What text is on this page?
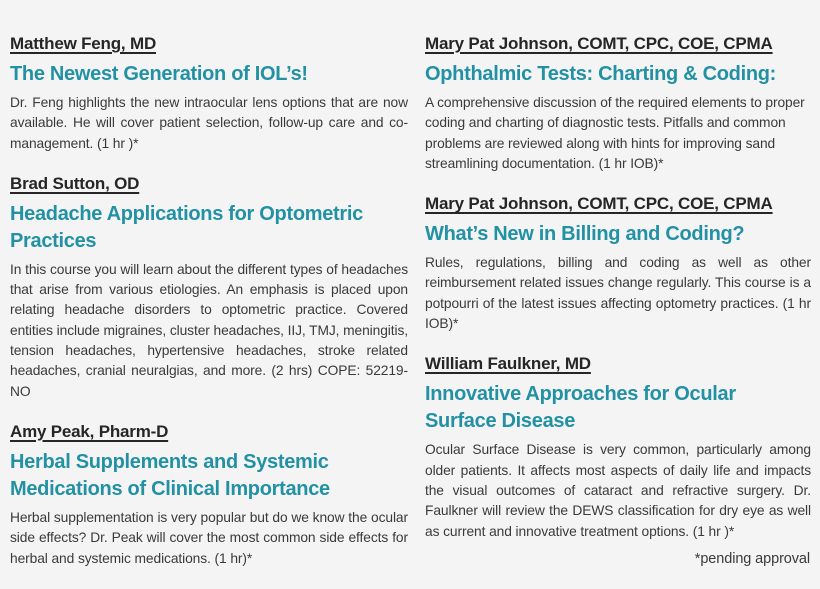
Matthew Feng, MD
The Newest Generation of IOL’s!

Dr. Feng highlights the new intraocular lens options that are now available. He will cover patient selection, follow-up care and co-management. (1 hr )*

Brad Sutton, OD
Headache Applications for Optometric Practices

In this course you will learn about the different types of headaches that arise from various etiologies. An emphasis is placed upon relating headache disorders to optometric practice. Covered entities include migraines, cluster headaches, IIJ, TMJ, meningitis, tension headaches, hypertensive headaches, stroke related headaches, cranial neuralgias, and more. (2 hrs) COPE: 52219-NO

Amy Peak, Pharm-D
Herbal Supplements and Systemic Medications of Clinical Importance

Herbal supplementation is very popular but do we know the ocular side effects? Dr. Peak will cover the most common side effects for herbal and systemic medications. (1 hr)*

Mary Pat Johnson, COMT, CPC, COE, CPMA
Ophthalmic Tests: Charting & Coding:

A comprehensive discussion of the required elements to proper coding and charting of diagnostic tests. Pitfalls and common problems are reviewed along with hints for improving sand streamlining documentation. (1 hr IOB)*

Mary Pat Johnson, COMT, CPC, COE, CPMA
What’s New in Billing and Coding?

Rules, regulations, billing and coding as well as other reimbursement related issues change regularly. This course is a potpourri of the latest issues affecting optometry practices. (1 hr IOB)*

William Faulkner, MD
Innovative Approaches for Ocular Surface Disease

Ocular Surface Disease is very common, particularly among older patients. It affects most aspects of daily life and impacts the visual outcomes of cataract and refractive surgery. Dr. Faulkner will review the DEWS classification for dry eye as well as current and innovative treatment options. (1 hr )*

*pending approval
